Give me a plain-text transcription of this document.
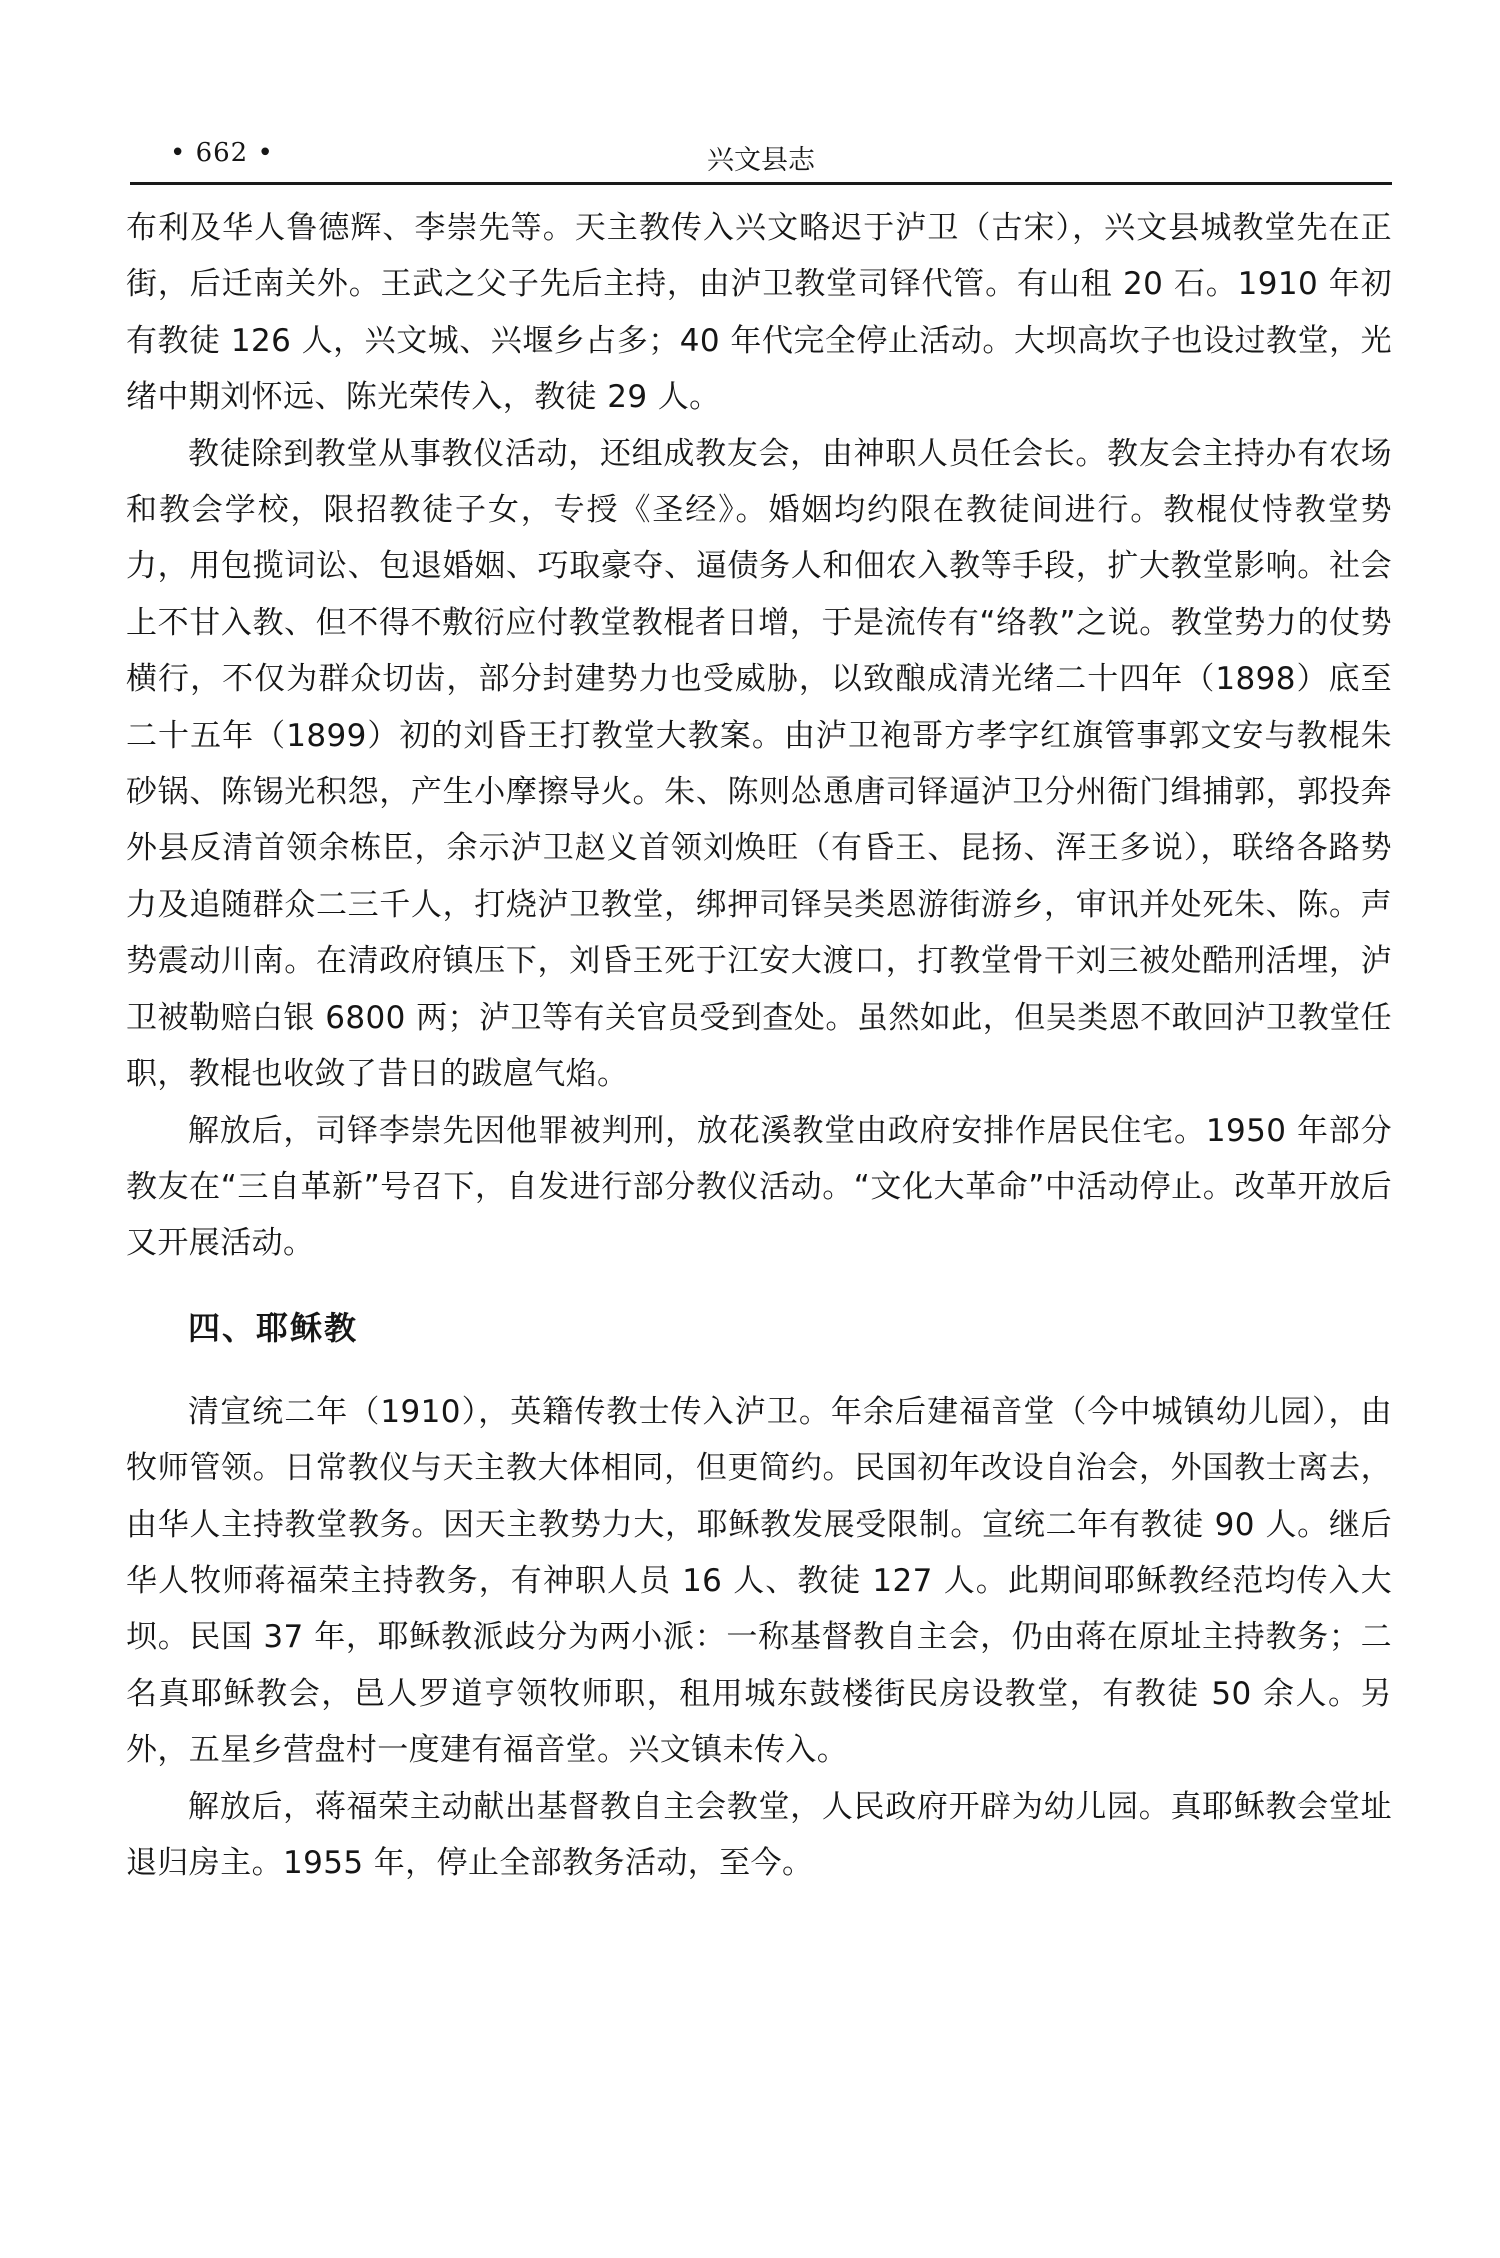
• 662 •	兴文县志

布利及华人鲁德辉、李崇先等。天主教传入兴文略迟于泸卫（古宋），兴文县城教堂先在正街，后迁南关外。王武之父子先后主持，由泸卫教堂司铎代管。有山租 20 石。1910 年初有教徒 126 人，兴文城、兴堰乡占多；40 年代完全停止活动。大坝高坎子也设过教堂，光绪中期刘怀远、陈光荣传入，教徒 29 人。

教徒除到教堂从事教仪活动，还组成教友会，由神职人员任会长。教友会主持办有农场和教会学校，限招教徒子女，专授《圣经》。婚姻均约限在教徒间进行。教棍仗恃教堂势力，用包揽词讼、包退婚姻、巧取豪夺、逼债务人和佃农入教等手段，扩大教堂影响。社会上不甘入教、但不得不敷衍应付教堂教棍者日增，于是流传有“络教”之说。教堂势力的仗势横行，不仅为群众切齿，部分封建势力也受威胁，以致酿成清光绪二十四年（1898）底至二十五年（1899）初的刘昏王打教堂大教案。由泸卫袍哥方孝字红旗管事郭文安与教棍朱砂锅、陈锡光积怨，产生小摩擦导火。朱、陈则怂恿唐司铎逼泸卫分州衙门缉捕郭，郭投奔外县反清首领余栋臣，余示泸卫赵义首领刘焕旺（有昏王、昆扬、浑王多说），联络各路势力及追随群众二三千人，打烧泸卫教堂，绑押司铎吴类恩游街游乡，审讯并处死朱、陈。声势震动川南。在清政府镇压下，刘昏王死于江安大渡口，打教堂骨干刘三被处酷刑活埋，泸卫被勒赔白银 6800 两；泸卫等有关官员受到查处。虽然如此，但吴类恩不敢回泸卫教堂任职，教棍也收敛了昔日的跋扈气焰。

解放后，司铎李崇先因他罪被判刑，放花溪教堂由政府安排作居民住宅。1950 年部分教友在“三自革新”号召下，自发进行部分教仪活动。“文化大革命”中活动停止。改革开放后又开展活动。

四、耶稣教

清宣统二年（1910），英籍传教士传入泸卫。年余后建福音堂（今中城镇幼儿园），由牧师管领。日常教仪与天主教大体相同，但更简约。民国初年改设自治会，外国教士离去，由华人主持教堂教务。因天主教势力大，耶稣教发展受限制。宣统二年有教徒 90 人。继后华人牧师蒋福荣主持教务，有神职人员 16 人、教徒 127 人。此期间耶稣教经范均传入大坝。民国 37 年，耶稣教派歧分为两小派：一称基督教自主会，仍由蒋在原址主持教务；二名真耶稣教会，邑人罗道亨领牧师职，租用城东鼓楼街民房设教堂，有教徒 50 余人。另外，五星乡营盘村一度建有福音堂。兴文镇未传入。

解放后，蒋福荣主动献出基督教自主会教堂，人民政府开辟为幼儿园。真耶稣教会堂址退归房主。1955 年，停止全部教务活动，至今。
